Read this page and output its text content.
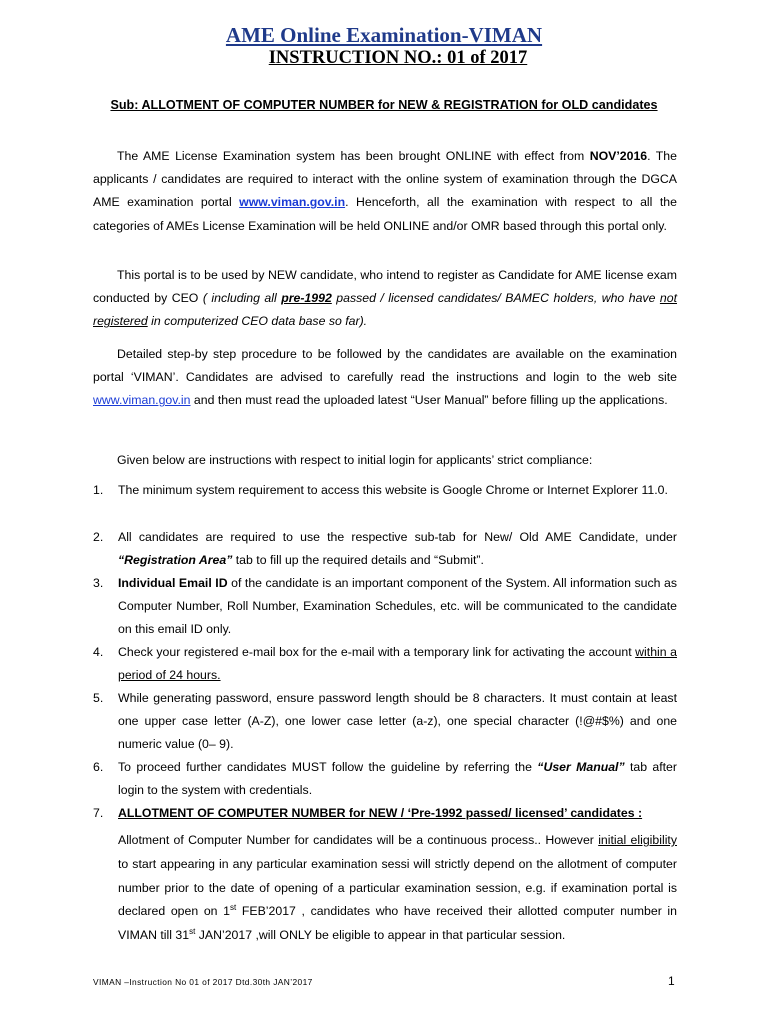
AME Online Examination-VIMAN
INSTRUCTION NO.: 01 of 2017
Sub: ALLOTMENT OF COMPUTER NUMBER for NEW & REGISTRATION for OLD candidates

The AME License Examination system has been brought ONLINE with effect from NOV’2016. The applicants / candidates are required to interact with the online system of examination through the DGCA AME examination portal www.viman.gov.in. Henceforth, all the examination with respect to all the categories of AMEs License Examination will be held ONLINE and/or OMR based through this portal only.

This portal is to be used by NEW candidate, who intend to register as Candidate for AME license exam conducted by CEO ( including all pre-1992 passed / licensed candidates/ BAMEC holders, who have not registered in computerized CEO data base so far).

Detailed step-by step procedure to be followed by the candidates are available on the examination portal ‘VIMAN’. Candidates are advised to carefully read the instructions and login to the web site www.viman.gov.in and then must read the uploaded latest “User Manual” before filling up the applications.

Given below are instructions with respect to initial login for applicants’ strict compliance:
1. The minimum system requirement to access this website is Google Chrome or Internet Explorer 11.0.
2. All candidates are required to use the respective sub-tab for New/ Old AME Candidate, under “Registration Area” tab to fill up the required details and “Submit”.
3. Individual Email ID of the candidate is an important component of the System. All information such as Computer Number, Roll Number, Examination Schedules, etc. will be communicated to the candidate on this email ID only.
4. Check your registered e-mail box for the e-mail with a temporary link for activating the account within a period of 24 hours.
5. While generating password, ensure password length should be 8 characters. It must contain at least one upper case letter (A-Z), one lower case letter (a-z), one special character (!@#$%) and one numeric value (0– 9).
6. To proceed further candidates MUST follow the guideline by referring the “User Manual” tab after login to the system with credentials.
7. ALLOTMENT OF COMPUTER NUMBER for NEW / ‘Pre-1992 passed/ licensed’ candidates :

Allotment of Computer Number for candidates will be a continuous process.. However initial eligibility to start appearing in any particular examination sessi will strictly depend on the allotment of computer number prior to the date of opening of a particular examination session, e.g. if examination portal is declared open on 1st FEB’2017 , candidates who have received their allotted computer number in VIMAN till 31st JAN’2017 ,will ONLY be eligible to appear in that particular session.

VIMAN –Instruction No 01 of 2017 Dtd.30th JAN’2017	1
